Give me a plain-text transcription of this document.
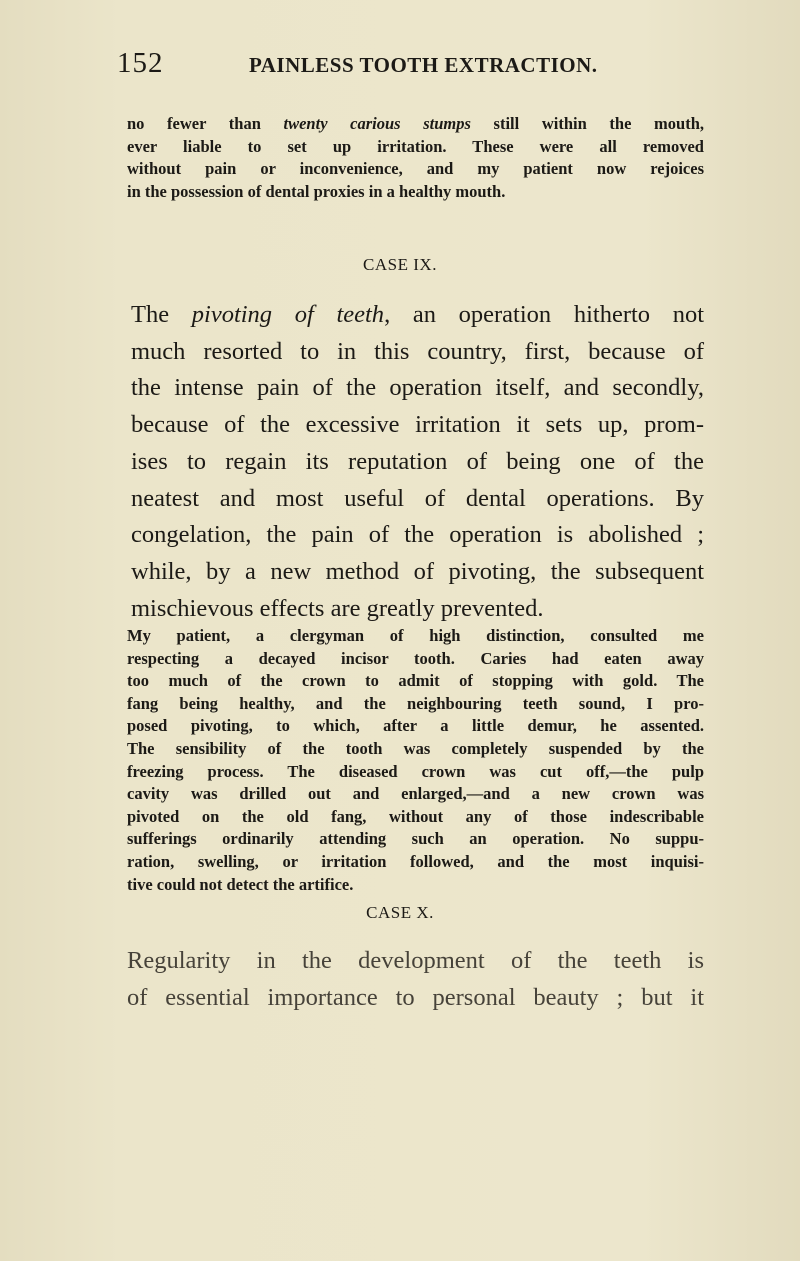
152	PAINLESS TOOTH EXTRACTION.
no fewer than twenty carious stumps still within the mouth,
ever liable to set up irritation. These were all removed
without pain or inconvenience, and my patient now rejoices
in the possession of dental proxies in a healthy mouth.
CASE IX.
The pivoting of teeth, an operation hitherto not
much resorted to in this country, first, because of
the intense pain of the operation itself, and secondly,
because of the excessive irritation it sets up, prom-
ises to regain its reputation of being one of the
neatest and most useful of dental operations. By
congelation, the pain of the operation is abolished ;
while, by a new method of pivoting, the subsequent
mischievous effects are greatly prevented.
My patient, a clergyman of high distinction, consulted me
respecting a decayed incisor tooth. Caries had eaten away
too much of the crown to admit of stopping with gold. The
fang being healthy, and the neighbouring teeth sound, I pro-
posed pivoting, to which, after a little demur, he assented.
The sensibility of the tooth was completely suspended by the
freezing process. The diseased crown was cut off,—the pulp
cavity was drilled out and enlarged,—and a new crown was
pivoted on the old fang, without any of those indescribable
sufferings ordinarily attending such an operation. No suppu-
ration, swelling, or irritation followed, and the most inquisi-
tive could not detect the artifice.
CASE X.
Regularity in the development of the teeth is
of essential importance to personal beauty ; but it
